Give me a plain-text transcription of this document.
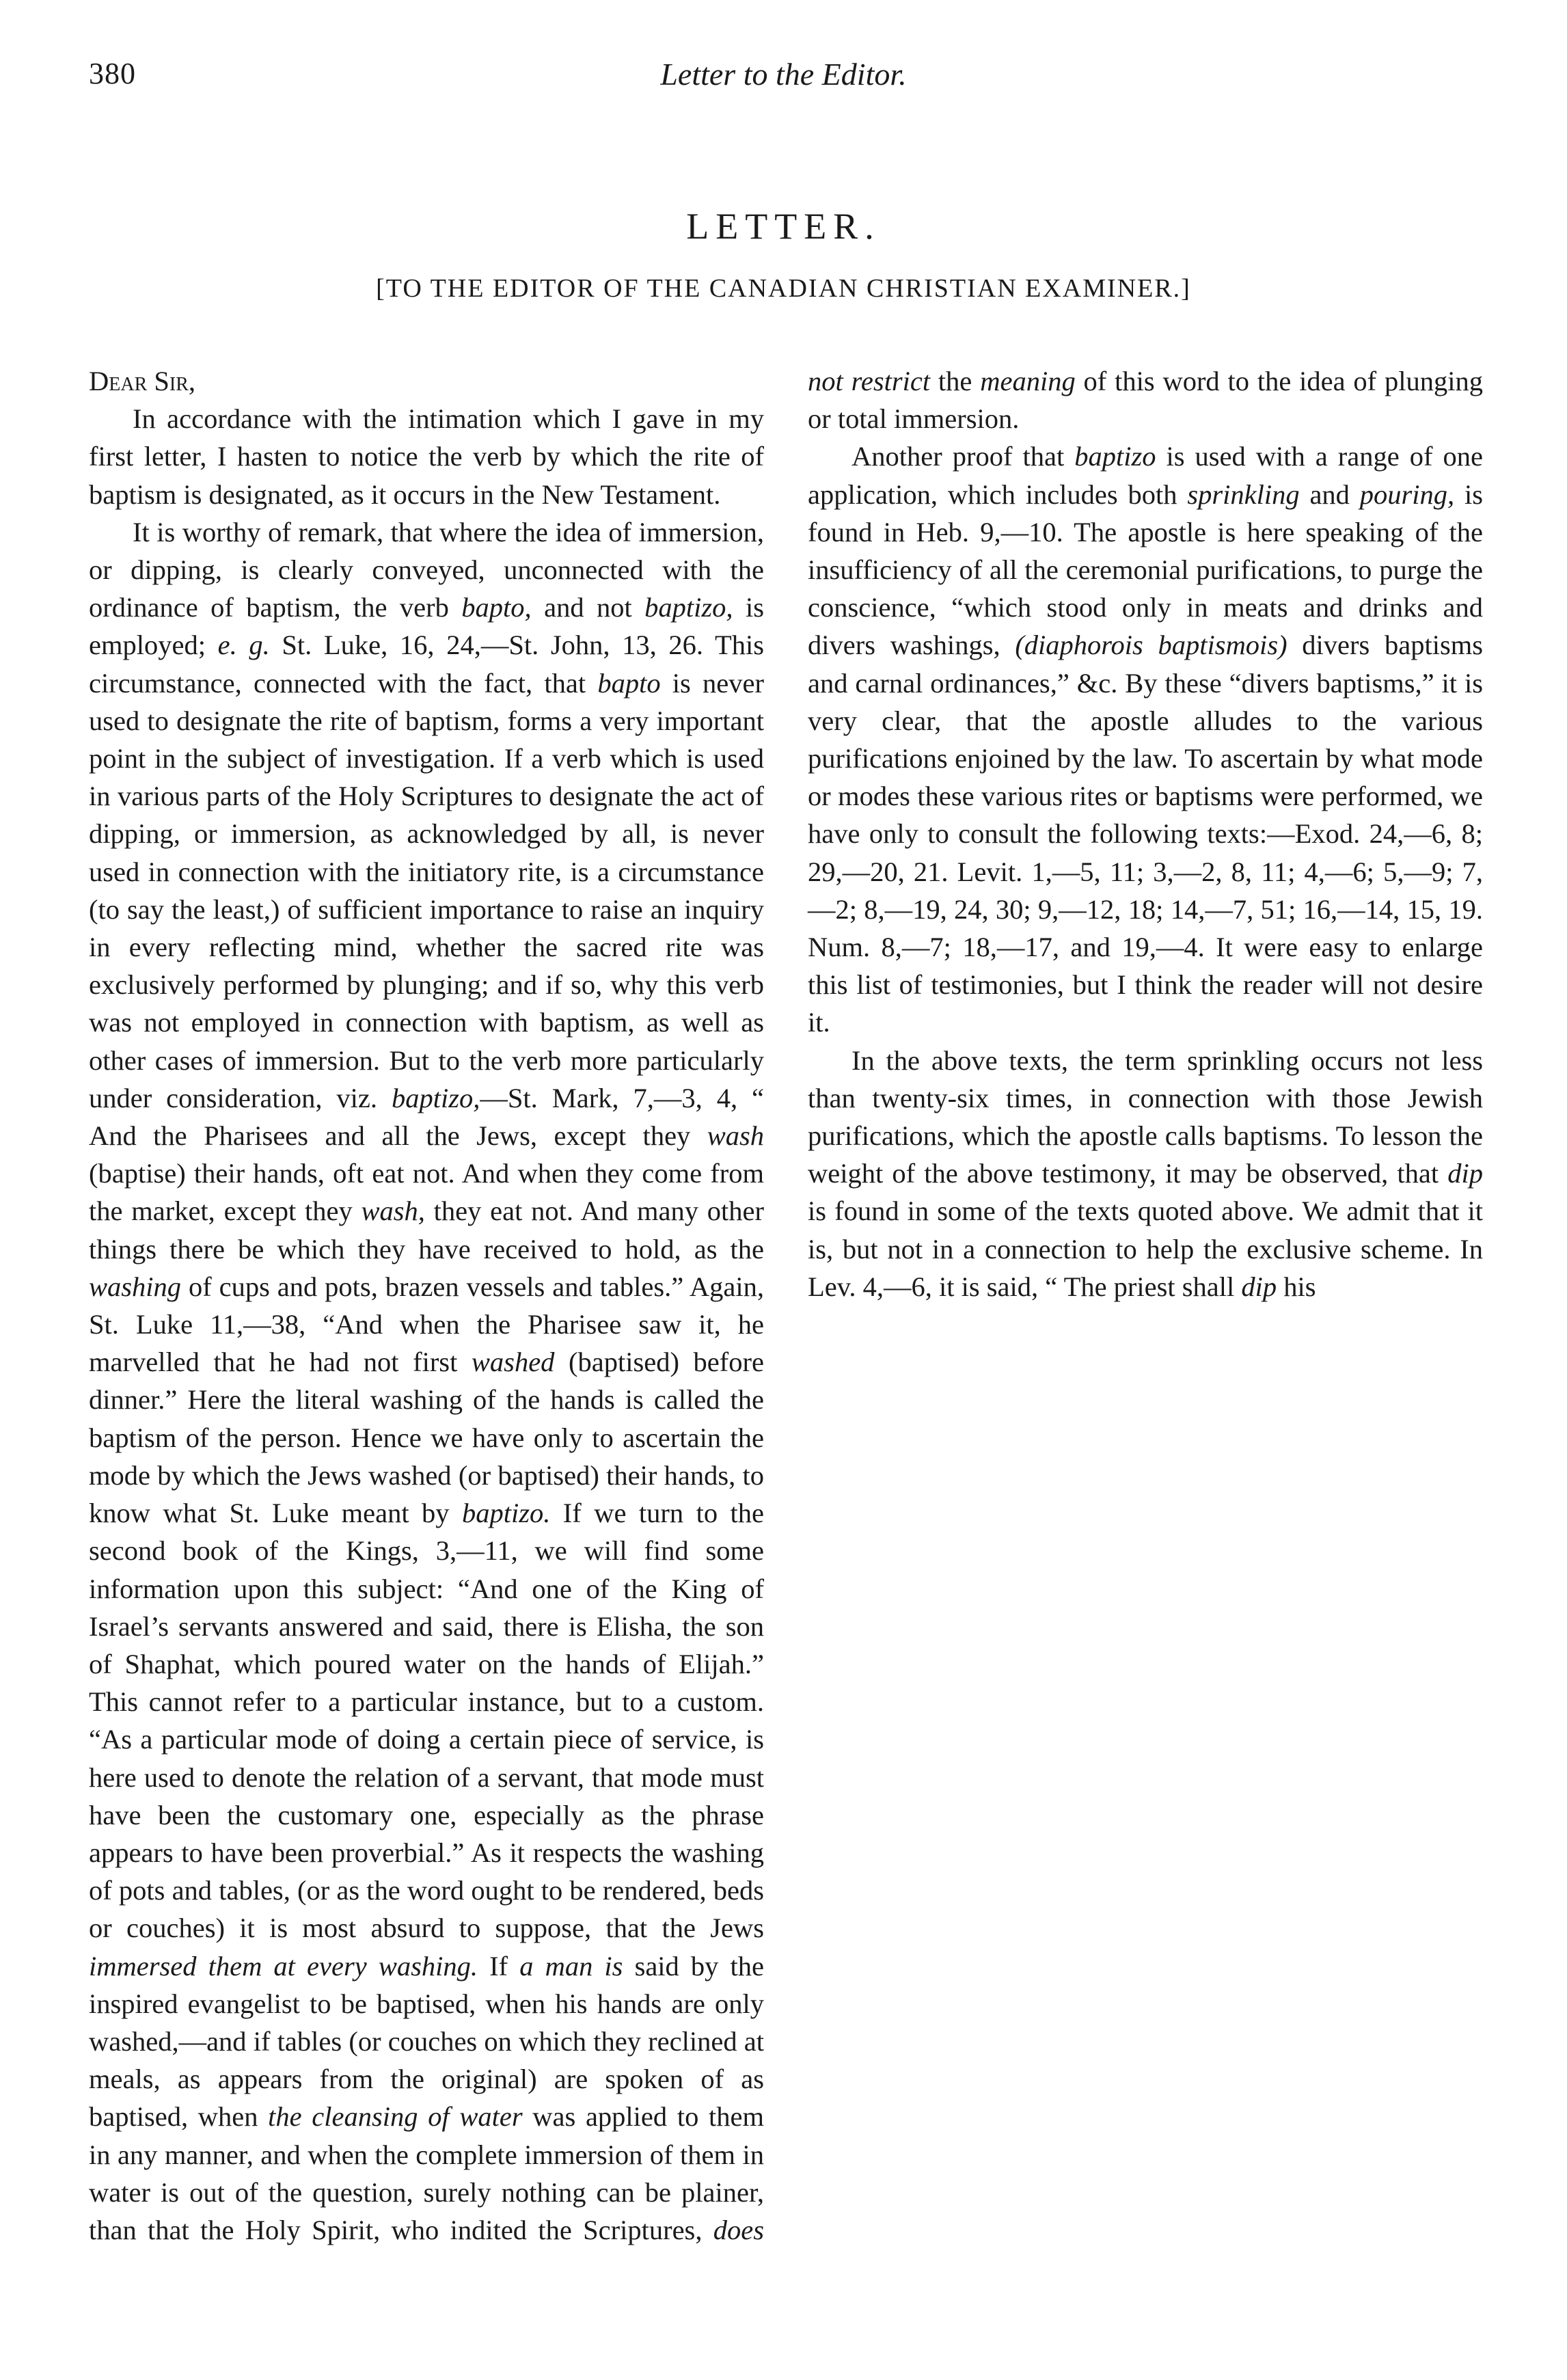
380	Letter to the Editor.
LETTER.
[TO THE EDITOR OF THE CANADIAN CHRISTIAN EXAMINER.]

Dear Sir,

In accordance with the intimation which I gave in my first letter, I hasten to notice the verb by which the rite of baptism is designated, as it occurs in the New Testament.

It is worthy of remark, that where the idea of immersion, or dipping, is clearly conveyed, unconnected with the ordinance of baptism, the verb bapto, and not baptizo, is employed; e. g. St. Luke, 16, 24,—St. John, 13, 26. This circumstance, connected with the fact, that bapto is never used to designate the rite of baptism, forms a very important point in the subject of investigation. If a verb which is used in various parts of the Holy Scriptures to designate the act of dipping, or immersion, as acknowledged by all, is never used in connection with the initiatory rite, is a circumstance (to say the least,) of sufficient importance to raise an inquiry in every reflecting mind, whether the sacred rite was exclusively performed by plunging; and if so, why this verb was not employed in connection with baptism, as well as other cases of immersion. But to the verb more particularly under consideration, viz. baptizo,—St. Mark, 7,—3, 4, “ And the Pharisees and all the Jews, except they wash (baptise) their hands, oft eat not. And when they come from the market, except they wash, they eat not. And many other things there be which they have received to hold, as the washing of cups and pots, brazen vessels and tables.” Again, St. Luke 11,—38, “And when the Pharisee saw it, he marvelled that he had not first washed (baptised) before dinner.” Here the literal washing of the hands is called the baptism of the person. Hence we have only to ascertain the mode by which the Jews washed (or baptised) their hands, to know what St. Luke meant by baptizo. If we turn to the second book of the Kings, 3,—11, we will find some information upon this subject: “And one of the King of Israel’s servants answered and said, there is Elisha, the son of Shaphat, which poured water on the hands of Elijah.” This cannot refer to a particular instance, but to a custom. “As a particular mode of doing a certain piece of service, is here used to denote the relation of a servant, that mode must have been the customary one, especially as the phrase appears to have been proverbial.” As it respects the washing of pots and tables, (or as the word ought to be rendered, beds or couches) it is most absurd to suppose, that the Jews immersed them at every washing. If a man is said by the inspired evangelist to be baptised, when his hands are only washed,—and if tables (or couches on which they reclined at meals, as appears from the original) are spoken of as baptised, when the cleansing of water was applied to them in any manner, and when the complete immersion of them in water is out of the question, surely nothing can be plainer, than that the Holy Spirit, who indited the Scriptures, does not restrict the meaning of this word to the idea of plunging or total immersion.

Another proof that baptizo is used with a range of one application, which includes both sprinkling and pouring, is found in Heb. 9,—10. The apostle is here speaking of the insufficiency of all the ceremonial purifications, to purge the conscience, “which stood only in meats and drinks and divers washings, (diaphorois baptismois) divers baptisms and carnal ordinances,” &c. By these “divers baptisms,” it is very clear, that the apostle alludes to the various purifications enjoined by the law. To ascertain by what mode or modes these various rites or baptisms were performed, we have only to consult the following texts:—Exod. 24,—6, 8; 29,—20, 21. Levit. 1,—5, 11; 3,—2, 8, 11; 4,—6; 5,—9; 7,—2; 8,—19, 24, 30; 9,—12, 18; 14,—7, 51; 16,—14, 15, 19. Num. 8,—7; 18,—17, and 19,—4. It were easy to enlarge this list of testimonies, but I think the reader will not desire it.

In the above texts, the term sprinkling occurs not less than twenty-six times, in connection with those Jewish purifications, which the apostle calls baptisms. To lesson the weight of the above testimony, it may be observed, that dip is found in some of the texts quoted above. We admit that it is, but not in a connection to help the exclusive scheme. In Lev. 4,—6, it is said, “ The priest shall dip his
